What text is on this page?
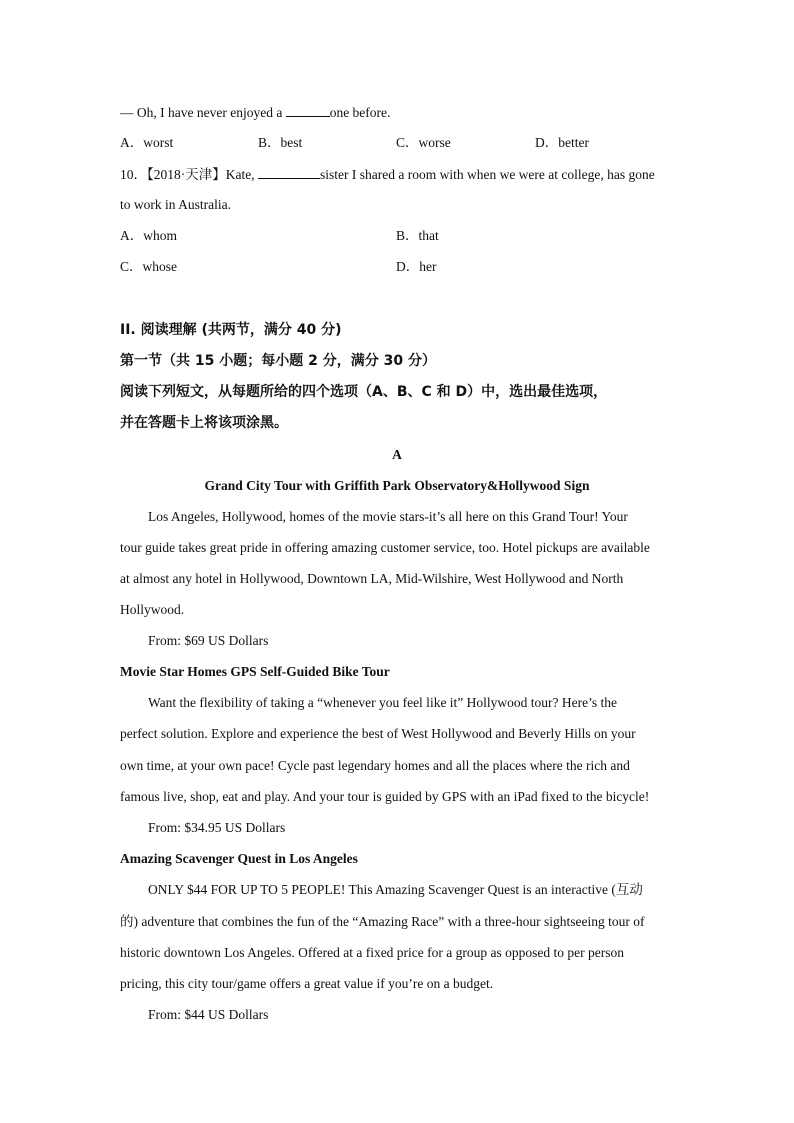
— Oh, I have never enjoyed a	one before.
A．worst	B．best	C．worse	D．better
10．【2018·天津】Kate,	sister I shared a room with when we were at college, has gone
to work in Australia.
A．whom	B．that
C．whose	D．her
II. 阅读理解 (共两节，满分 40 分)
第一节（共 15 小题；每小题 2 分，满分 30 分）
阅读下列短文，从每题所给的四个选项（A、B、C 和 D）中，选出最佳选项，
并在答题卡上将该项涂黑。
A
Grand City Tour with Griffith Park Observatory&Hollywood Sign
Los Angeles, Hollywood, homes of the movie stars-it’s all here on this Grand Tour! Your
tour guide takes great pride in offering amazing customer service, too. Hotel pickups are available
at almost any hotel in Hollywood, Downtown LA, Mid-Wilshire, West Hollywood and North
Hollywood.
From: $69 US Dollars
Movie Star Homes GPS Self-Guided Bike Tour
Want the flexibility of taking a “whenever you feel like it” Hollywood tour? Here’s the
perfect solution. Explore and experience the best of West Hollywood and Beverly Hills on your
own time, at your own pace! Cycle past legendary homes and all the places where the rich and
famous live, shop, eat and play. And your tour is guided by GPS with an iPad fixed to the bicycle!
From: $34.95 US Dollars
Amazing Scavenger Quest in Los Angeles
ONLY $44 FOR UP TO 5 PEOPLE! This Amazing Scavenger Quest is an interactive (互动
的) adventure that combines the fun of the “Amazing Race” with a three-hour sightseeing tour of
historic downtown Los Angeles. Offered at a fixed price for a group as opposed to per person
pricing, this city tour/game offers a great value if you’re on a budget.
From: $44 US Dollars
